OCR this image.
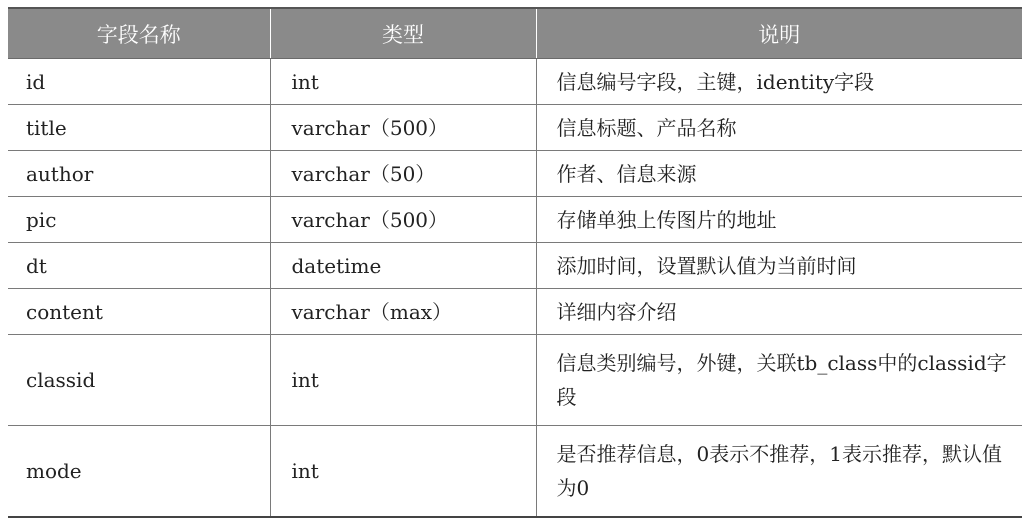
字段名称	类型	说明
id	int	信息编号字段，主键，identity字段
title	varchar（500）	信息标题、产品名称
author	varchar（50）	作者、信息来源
pic	varchar（500）	存储单独上传图片的地址
dt	datetime	添加时间，设置默认值为当前时间
content	varchar（max）	详细内容介绍
classid	int	信息类别编号，外键，关联tb_class中的classid字段
mode	int	是否推荐信息，0表示不推荐，1表示推荐，默认值为0
